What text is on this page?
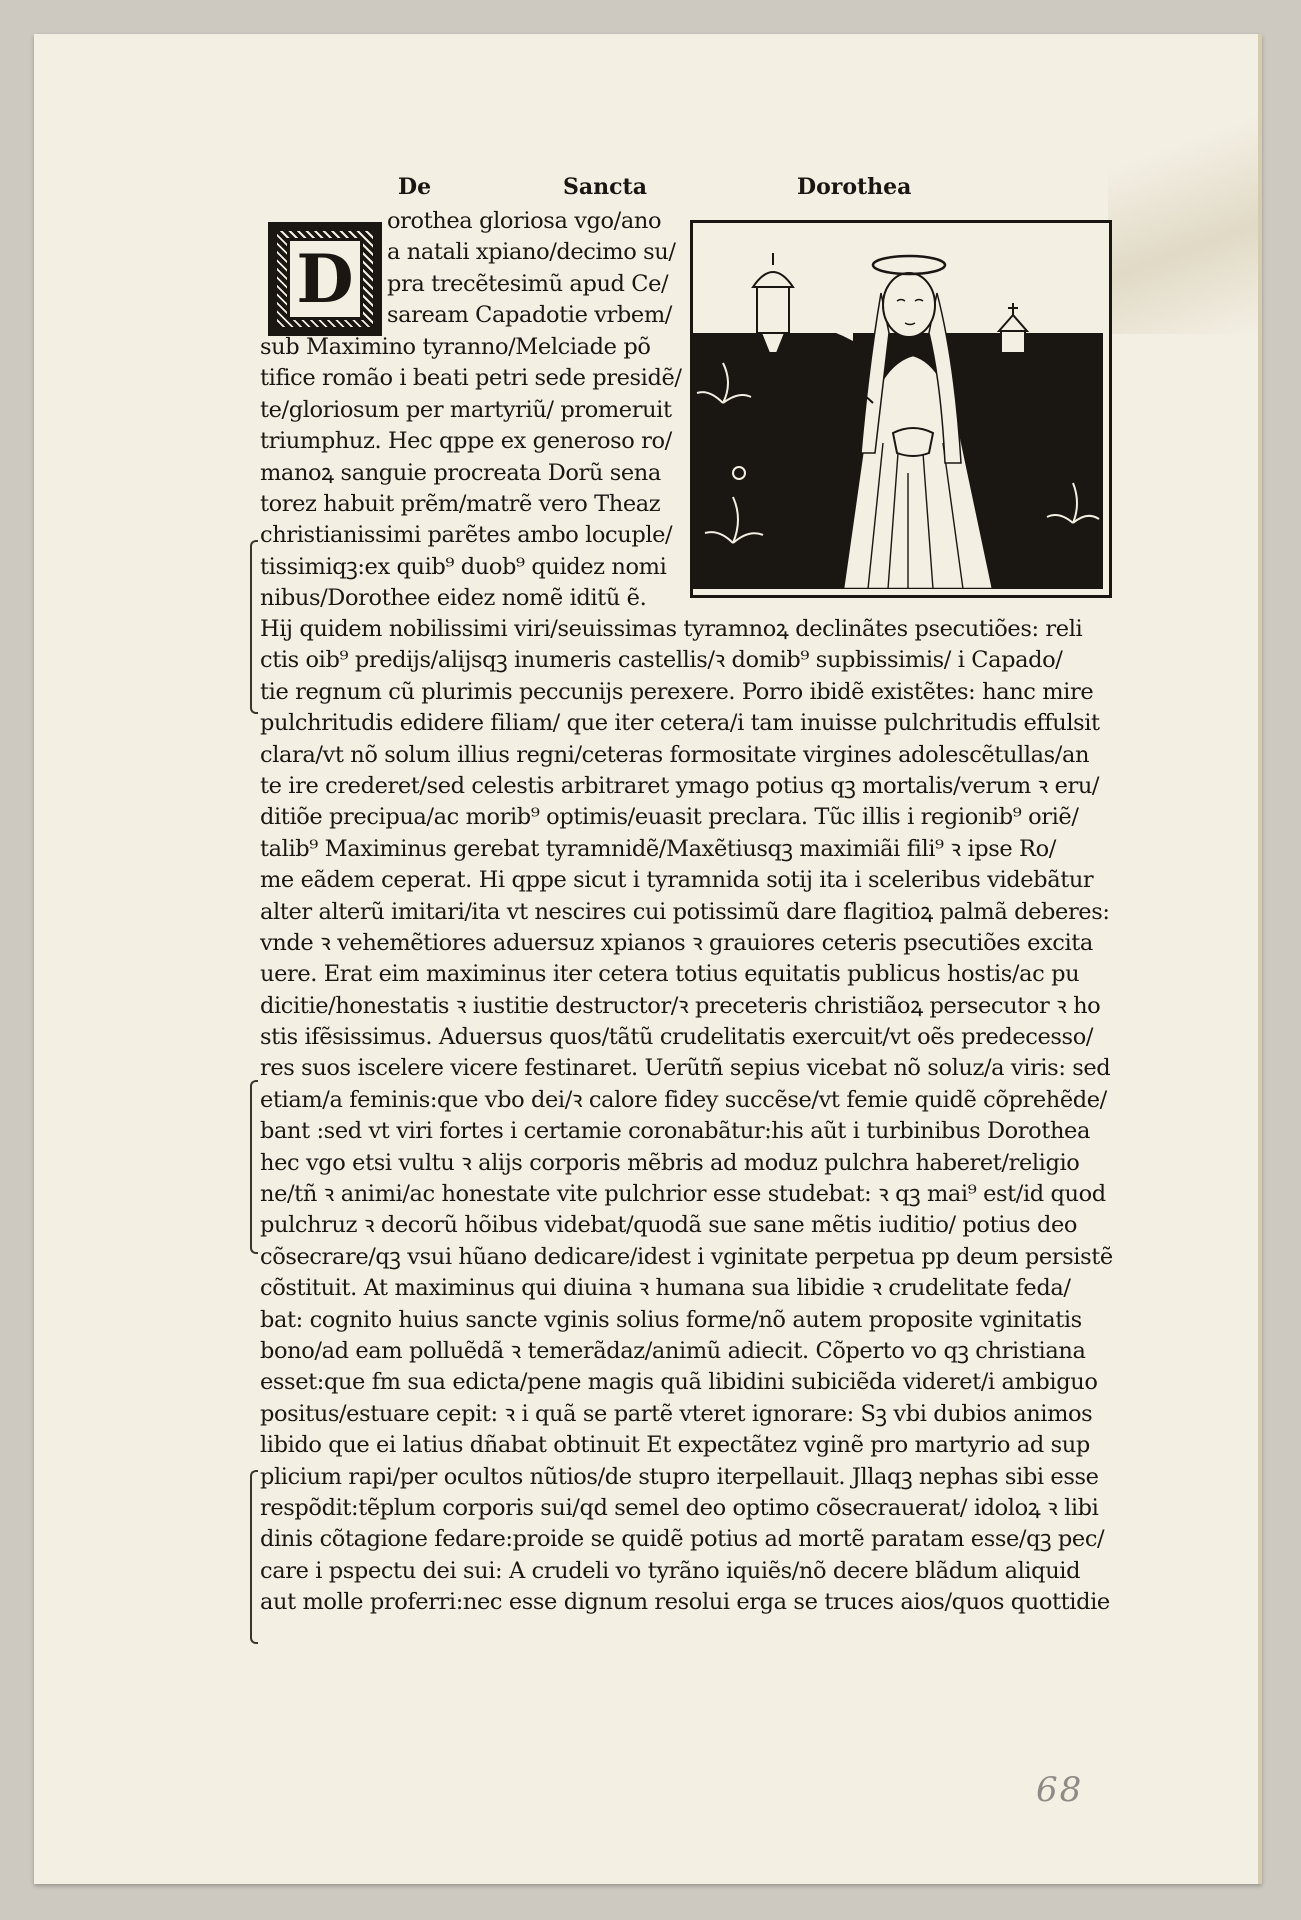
De	Sancta	Dorothea
D
orothea gloriosa vgo/ano
a natali xpiano/decimo su/
pra trecẽtesimũ apud Ce/
saream Capadotie vrbem/
sub Maximino tyranno/Melciade põ
tifice romão i beati petri sede presidẽ/
te/gloriosum per martyriũ/ promeruit
triumphuz. Hec qppe ex generoso ro/
manoꝝ sanguie procreata Dorũ sena
torez habuit prẽm/matrẽ vero Theaz
christianissimi parẽtes ambo locuple/
tissimiqꝫ:ex quib⁹ duob⁹ quidez nomi
nibus/Dorothee eidez nomẽ iditũ ẽ.
Hij quidem nobilissimi viri/seuissimas tyramnoꝝ declinãtes psecutiões: reli
ctis oib⁹ predijs/alijsqꝫ inumeris castellis/ꝛ domib⁹ supbissimis/ i Capado/
tie regnum cũ plurimis peccunijs perexere. Porro ibidẽ existẽtes: hanc mire
pulchritudis edidere filiam/ que iter cetera/i tam inuisse pulchritudis effulsit
clara/vt nõ solum illius regni/ceteras formositate virgines adolescẽtullas/an
te ire crederet/sed celestis arbitraret ymago potius qꝫ mortalis/verum ꝛ eru/
ditiõe precipua/ac morib⁹ optimis/euasit preclara. Tũc illis i regionib⁹ oriẽ/
talib⁹ Maximinus gerebat tyramnidẽ/Maxẽtiusqꝫ maximiãi fili⁹ ꝛ ipse Ro/
me eãdem ceperat. Hi qppe sicut i tyramnida sotij ita i sceleribus videbãtur
alter alterũ imitari/ita vt nescires cui potissimũ dare flagitioꝝ palmã deberes:
vnde ꝛ vehemẽtiores aduersuz xpianos ꝛ grauiores ceteris psecutiões excita
uere. Erat eim maximinus iter cetera totius equitatis publicus hostis/ac pu
dicitie/honestatis ꝛ iustitie destructor/ꝛ preceteris christiãoꝝ persecutor ꝛ ho
stis ifẽsissimus. Aduersus quos/tãtũ crudelitatis exercuit/vt oẽs predecesso/
res suos iscelere vicere festinaret. Uerũtñ sepius vicebat nõ soluz/a viris: sed
etiam/a feminis:que vbo dei/ꝛ calore fidey succẽse/vt femie quidẽ cõprehẽde/
bant :sed vt viri fortes i certamie coronabãtur:his aũt i turbinibus Dorothea
hec vgo etsi vultu ꝛ alijs corporis mẽbris ad moduz pulchra haberet/religio
ne/tñ ꝛ animi/ac honestate vite pulchrior esse studebat: ꝛ qꝫ mai⁹ est/id quod
pulchruz ꝛ decorũ hõibus videbat/quodã sue sane mẽtis iuditio/ potius deo
cõsecrare/qꝫ vsui hũano dedicare/idest i vginitate perpetua pp deum persistẽ
cõstituit. At maximinus qui diuina ꝛ humana sua libidie ꝛ crudelitate feda/
bat: cognito huius sancte vginis solius forme/nõ autem proposite vginitatis
bono/ad eam polluẽdã ꝛ temerãdaz/animũ adiecit. Cõperto vo qꝫ christiana
esset:que fm sua edicta/pene magis quã libidini subiciẽda videret/i ambiguo
positus/estuare cepit: ꝛ i quã se partẽ vteret ignorare: Sꝫ vbi dubios animos
libido que ei latius dñabat obtinuit Et expectãtez vginẽ pro martyrio ad sup
plicium rapi/per ocultos nũtios/de stupro iterpellauit. Jllaqꝫ nephas sibi esse
respõdit:tẽplum corporis sui/qd semel deo optimo cõsecrauerat/ idoloꝝ ꝛ libi
dinis cõtagione fedare:proide se quidẽ potius ad mortẽ paratam esse/qꝫ pec/
care i pspectu dei sui: A crudeli vo tyrãno iquiẽs/nõ decere blãdum aliquid
aut molle proferri:nec esse dignum resolui erga se truces aios/quos quottidie
68
